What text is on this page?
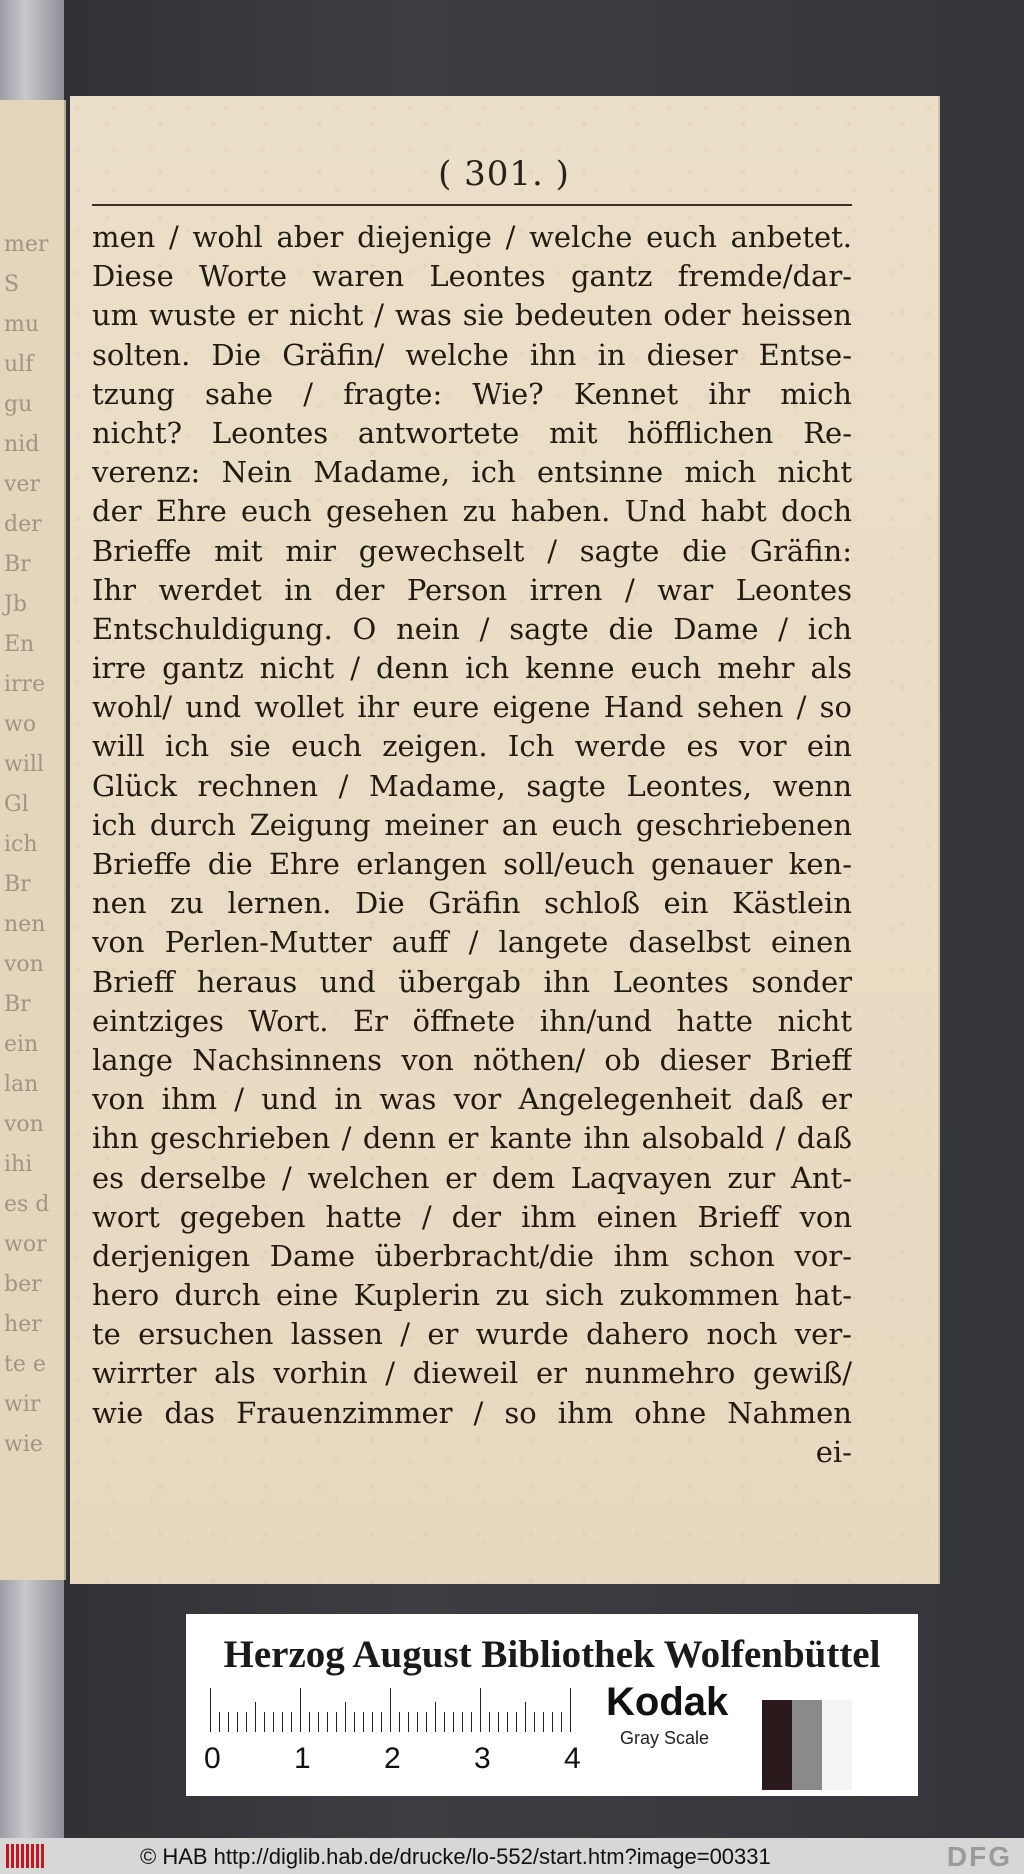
mer
S
mu
ulf
gu
nid
ver
der
Br
Jb
En
irre
wo
will
Gl
ich
Br
nen
von
Br
ein
lan
von
ihi
es d
wor
ber
her
te e
wir
wie
( 301. )
men / wohl aber diejenige / welche euch anbetet.
Diese Worte waren Leontes gantz fremde/dar-
um wuste er nicht / was sie bedeuten oder heissen
solten. Die Gräfin/ welche ihn in dieser Entse-
tzung sahe / fragte: Wie? Kennet ihr mich
nicht? Leontes antwortete mit höfflichen Re-
verenz: Nein Madame, ich entsinne mich nicht
der Ehre euch gesehen zu haben. Und habt doch
Brieffe mit mir gewechselt / sagte die Gräfin:
Ihr werdet in der Person irren / war Leontes
Entschuldigung. O nein / sagte die Dame / ich
irre gantz nicht / denn ich kenne euch mehr als
wohl/ und wollet ihr eure eigene Hand sehen / so
will ich sie euch zeigen. Ich werde es vor ein
Glück rechnen / Madame, sagte Leontes, wenn
ich durch Zeigung meiner an euch geschriebenen
Brieffe die Ehre erlangen soll/euch genauer ken-
nen zu lernen. Die Gräfin schloß ein Kästlein
von Perlen-Mutter auff / langete daselbst einen
Brieff heraus und übergab ihn Leontes sonder
eintziges Wort. Er öffnete ihn/und hatte nicht
lange Nachsinnens von nöthen/ ob dieser Brieff
von ihm / und in was vor Angelegenheit daß er
ihn geschrieben / denn er kante ihn alsobald / daß
es derselbe / welchen er dem Laqvayen zur Ant-
wort gegeben hatte / der ihm einen Brieff von
derjenigen Dame überbracht/die ihm schon vor-
hero durch eine Kuplerin zu sich zukommen hat-
te ersuchen lassen / er wurde dahero noch ver-
wirrter als vorhin / dieweil er nunmehro gewiß/
wie das Frauenzimmer / so ihm ohne Nahmen
ei-
Herzog August Bibliothek Wolfenbüttel
0 1 2 3 4
Kodak
Gray Scale
© HAB http://diglib.hab.de/drucke/lo-552/start.htm?image=00331	DFG
